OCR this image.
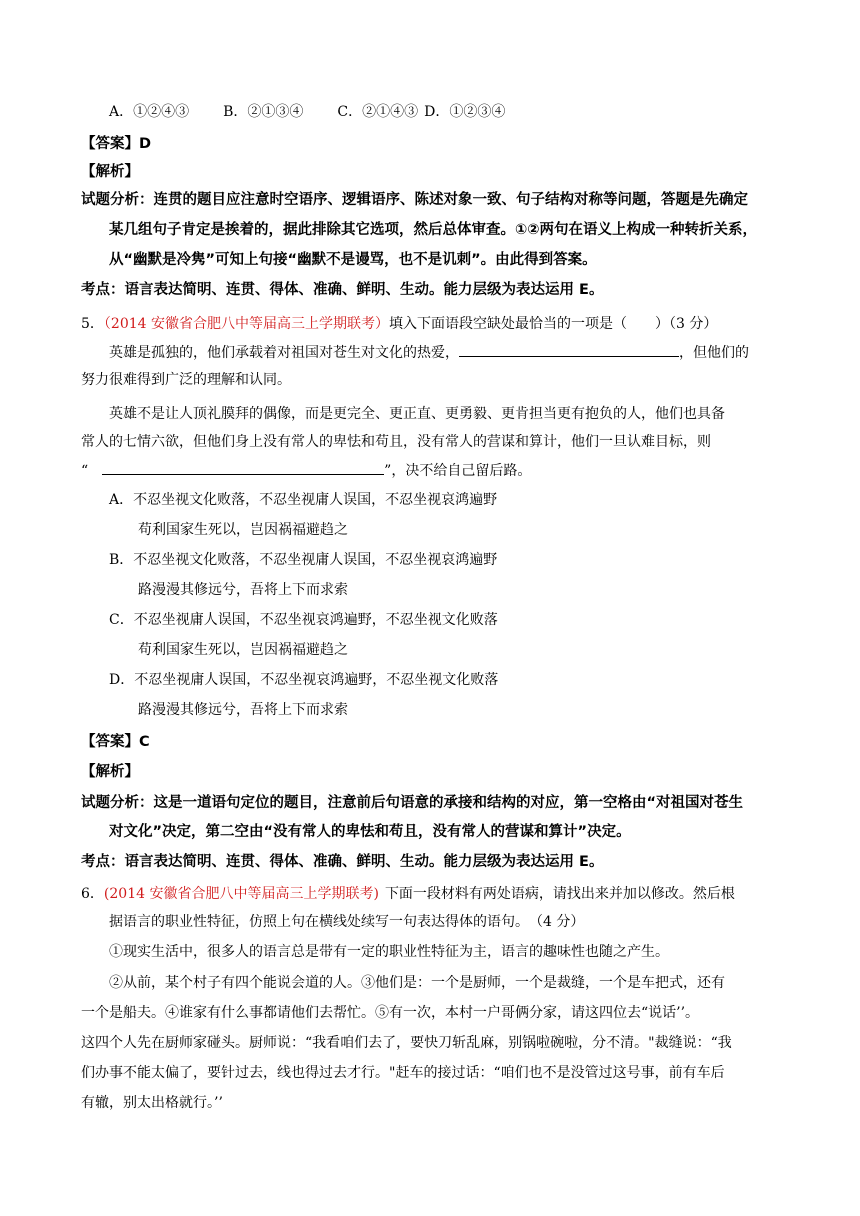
A．①②④③ B．②①③④ C．②①④③ D．①②③④
【答案】D
【解析】
试题分析：连贯的题目应注意时空语序、逻辑语序、陈述对象一致、句子结构对称等问题，答题是先确定
某几组句子肯定是挨着的，据此排除其它选项，然后总体审查。①②两句在语义上构成一种转折关系，
从“幽默是冷隽”可知上句接“幽默不是谩骂，也不是讥刺”。由此得到答案。
考点：语言表达简明、连贯、得体、准确、鲜明、生动。能力层级为表达运用 E。
5．（2014 安徽省合肥八中等届高三上学期联考）填入下面语段空缺处最恰当的一项是（　　）（3 分）
英雄是孤独的，他们承载着对祖国对苍生对文化的热爱，	，但他们的
努力很难得到广泛的理解和认同。
英雄不是让人顶礼膜拜的偶像，而是更完全、更正直、更勇毅、更肯担当更有抱负的人，他们也具备
常人的七情六欲，但他们身上没有常人的卑怯和苟且，没有常人的营谋和算计，他们一旦认难目标，则
“	”，决不给自己留后路。
A．不忍坐视文化败落，不忍坐视庸人误国，不忍坐视哀鸿遍野
苟利国家生死以，岂因祸福避趋之
B．不忍坐视文化败落，不忍坐视庸人误国，不忍坐视哀鸿遍野
路漫漫其修远兮，吾将上下而求索
C．不忍坐视庸人误国，不忍坐视哀鸿遍野，不忍坐视文化败落
苟利国家生死以，岂因祸福避趋之
D．不忍坐视庸人误国，不忍坐视哀鸿遍野，不忍坐视文化败落
路漫漫其修远兮，吾将上下而求索
【答案】C
【解析】
试题分析：这是一道语句定位的题目，注意前后句语意的承接和结构的对应，第一空格由“对祖国对苍生
对文化”决定，第二空由“没有常人的卑怯和苟且，没有常人的营谋和算计”决定。
考点：语言表达简明、连贯、得体、准确、鲜明、生动。能力层级为表达运用 E。
6．(2014 安徽省合肥八中等届高三上学期联考) 下面一段材料有两处语病，请找出来并加以修改。然后根
据语言的职业性特征，仿照上句在横线处续写一句表达得体的语句。　（4 分）
①现实生活中，很多人的语言总是带有一定的职业性特征为主，语言的趣味性也随之产生。
②从前，某个村子有四个能说会道的人。③他们是：一个是厨师，一个是裁缝，一个是车把式，还有
一个是船夫。④谁家有什么事都请他们去帮忙。⑤有一次，本村一户哥俩分家，请这四位去“说话’’。
这四个人先在厨师家碰头。厨师说：“我看咱们去了，要快刀斩乱麻，别锅啦碗啦，分不清。"裁缝说：“我
们办事不能太偏了，要针过去，线也得过去才行。"赶车的接过话：“咱们也不是没管过这号事，前有车后
有辙，别太出格就行。’’
